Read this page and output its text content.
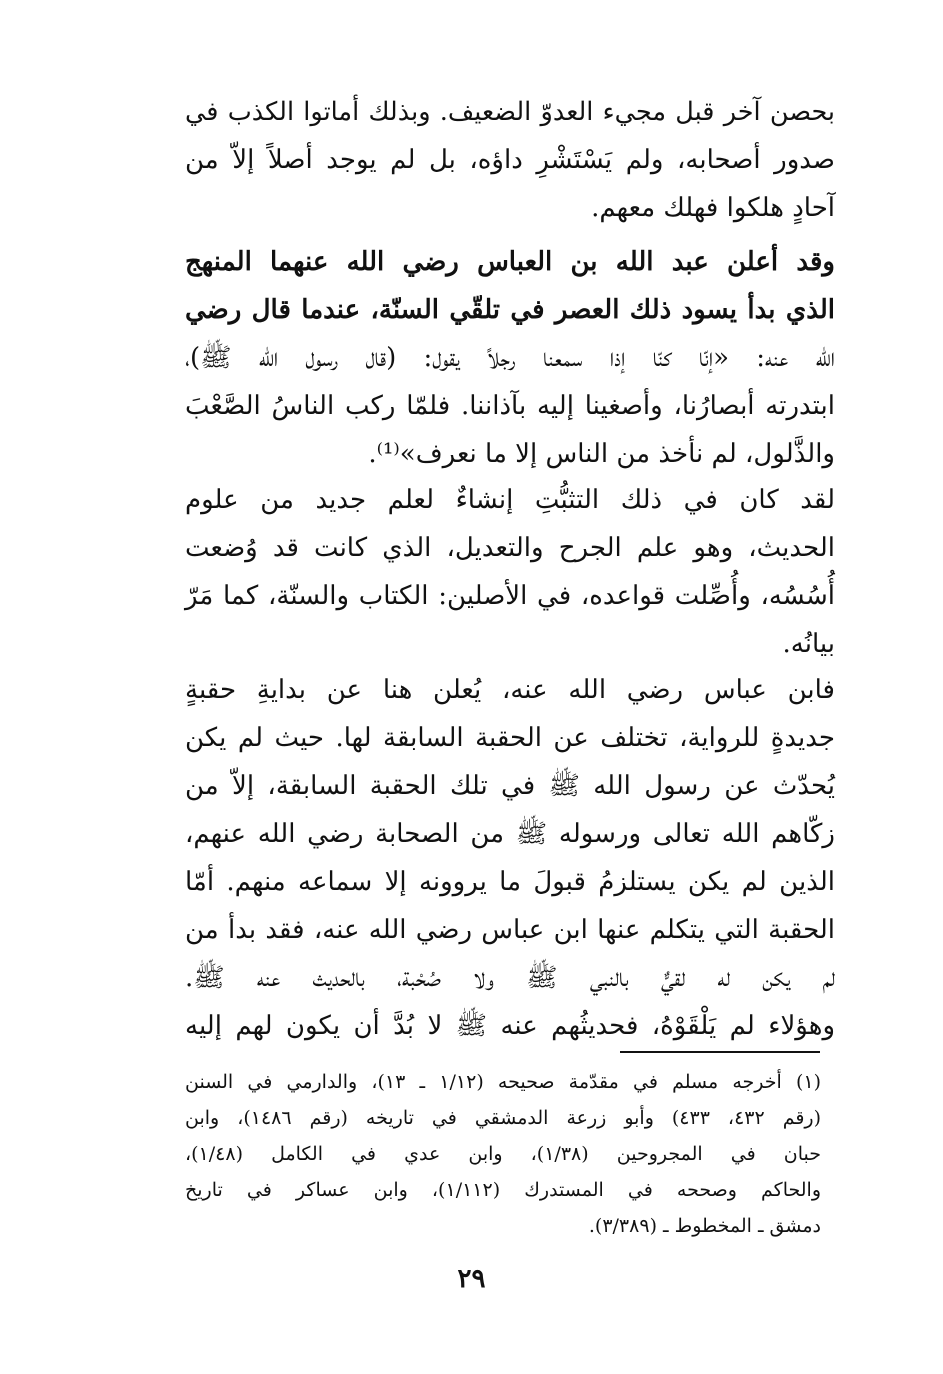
بحصن آخر قبل مجيء العدوّ الضعيف. وبذلك أماتوا الكذب في
صدور أصحابه، ولم يَسْتَشْرِ داؤه، بل لم يوجد أصلاً إلاّ من
آحادٍ هلكوا فهلك معهم.
وقد أعلن عبد الله بن العباس رضي الله عنهما المنهج
الذي بدأ يسود ذلك العصر في تلقّي السنّة، عندما قال رضي
الله عنه: «إنّا كنّا إذا سمعنا رجلاً يقول: (قال رسول الله ﷺ)،
ابتدرته أبصارُنا، وأصغينا إليه بآذاننا. فلمّا ركب الناسُ الصَّعْبَ
والذَّلول، لم نأخذ من الناس إلا ما نعرف»⁽¹⁾.
لقد كان في ذلك التثبُّتِ إنشاءٌ لعلم جديد من علوم
الحديث، وهو علم الجرح والتعديل، الذي كانت قد وُضعت
أُسُسُه، وأُصِّلت قواعده، في الأصلين: الكتاب والسنّة، كما مَرّ
بيانُه.
فابن عباس رضي الله عنه، يُعلن هنا عن بدايةِ حقبةٍ
جديدةٍ للرواية، تختلف عن الحقبة السابقة لها. حيث لم يكن
يُحدّث عن رسول الله ﷺ في تلك الحقبة السابقة، إلاّ من
زكّاهم الله تعالى ورسوله ﷺ من الصحابة رضي الله عنهم،
الذين لم يكن يستلزمُ قبولَ ما يروونه إلا سماعه منهم. أمّا
الحقبة التي يتكلم عنها ابن عباس رضي الله عنه، فقد بدأ من
لم يكن له لقيٌّ بالنبي ﷺ ولا صُحْبة، بالحديث عنه ﷺ.
وهؤلاء لم يَلْقَوْهُ، فحديثُهم عنه ﷺ لا بُدَّ أن يكون لهم إليه
(١) أخرجه مسلم في مقدّمة صحيحه (١/١٢ ـ ١٣)، والدارمي في السنن
(رقم ٤٣٢، ٤٣٣) وأبو زرعة الدمشقي في تاريخه (رقم ١٤٨٦)، وابن
حبان في المجروحين (١/٣٨)، وابن عدي في الكامل (١/٤٨)،
والحاكم وصححه في المستدرك (١/١١٢)، وابن عساكر في تاريخ
دمشق ـ المخطوط ـ (٣/٣٨٩).
٢٩
